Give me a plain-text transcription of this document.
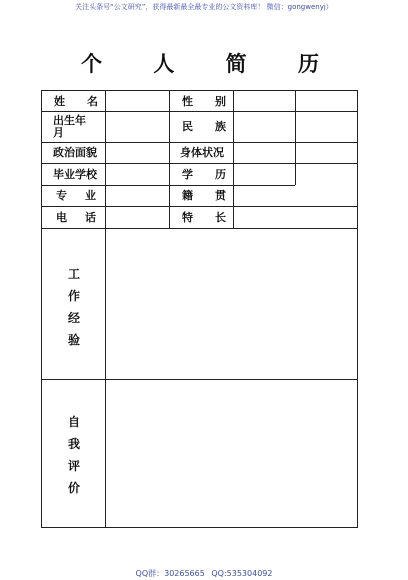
关注头条号“公文研究”，获得最新最全最专业的公文资料库！ 微信：gongwenyj）
个 人 简 历
姓 名	性 别
出生年月	民 族
政治面貌	身体状况
毕业学校	学 历
专 业	籍 贯
电 话	特 长
工
作
经
验
自
我
评
价
QQ群：30265665 QQ:535304092
